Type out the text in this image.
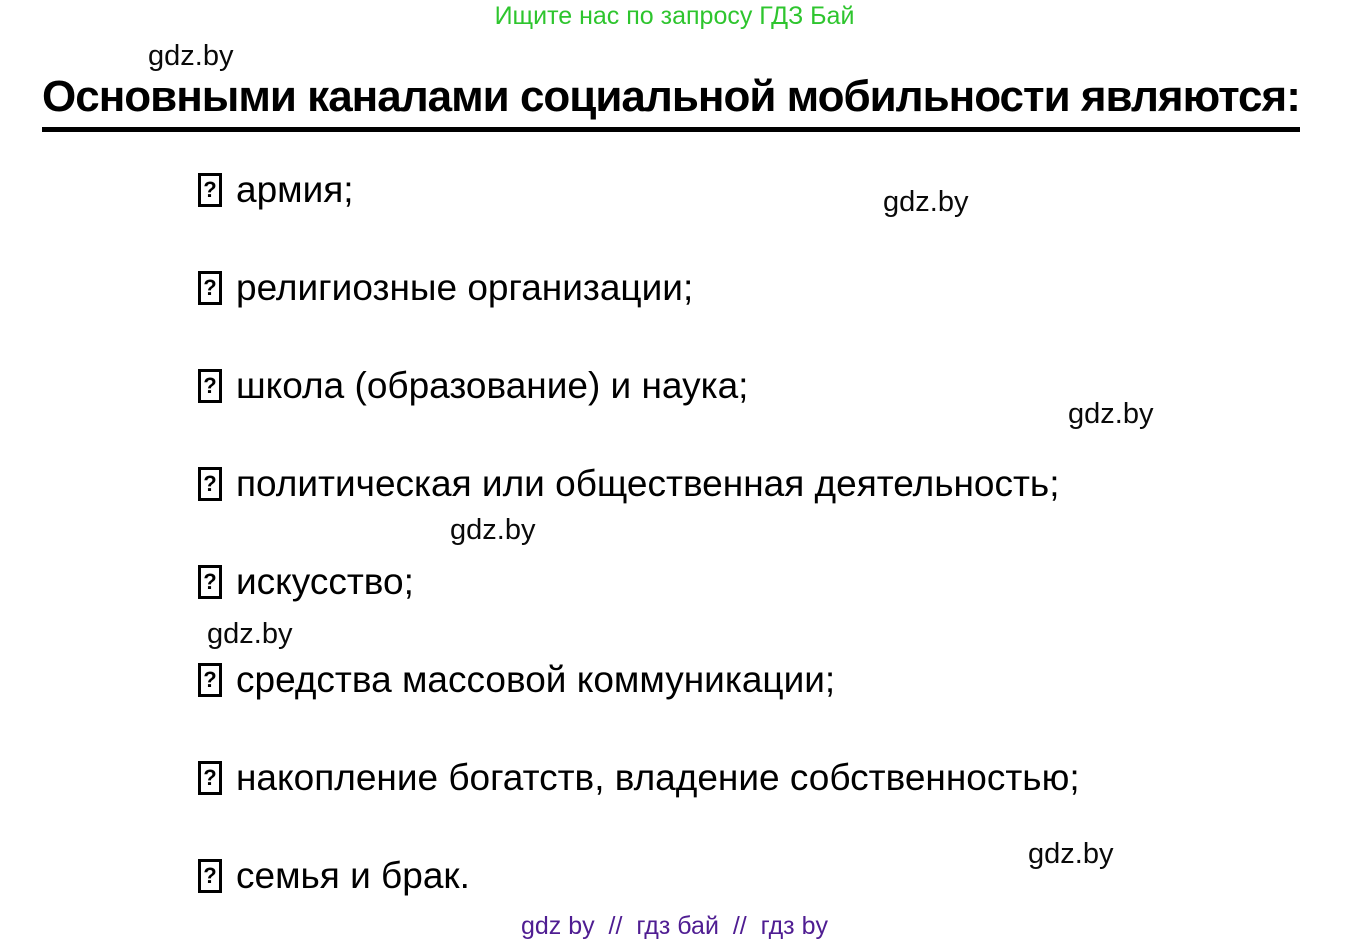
Ищите нас по запросу ГДЗ Бай
gdz.by
Основными каналами социальной мобильности являются:
? армия;
? религиозные организации;
? школа (образование) и наука;
? политическая или общественная деятельность;
? искусство;
? средства массовой коммуникации;
? накопление богатств, владение собственностью;
? семья и брак.
gdz.by
gdz.by
gdz.by
gdz.by
gdz.by
gdz by  //  гдз бай  //  гдз by
